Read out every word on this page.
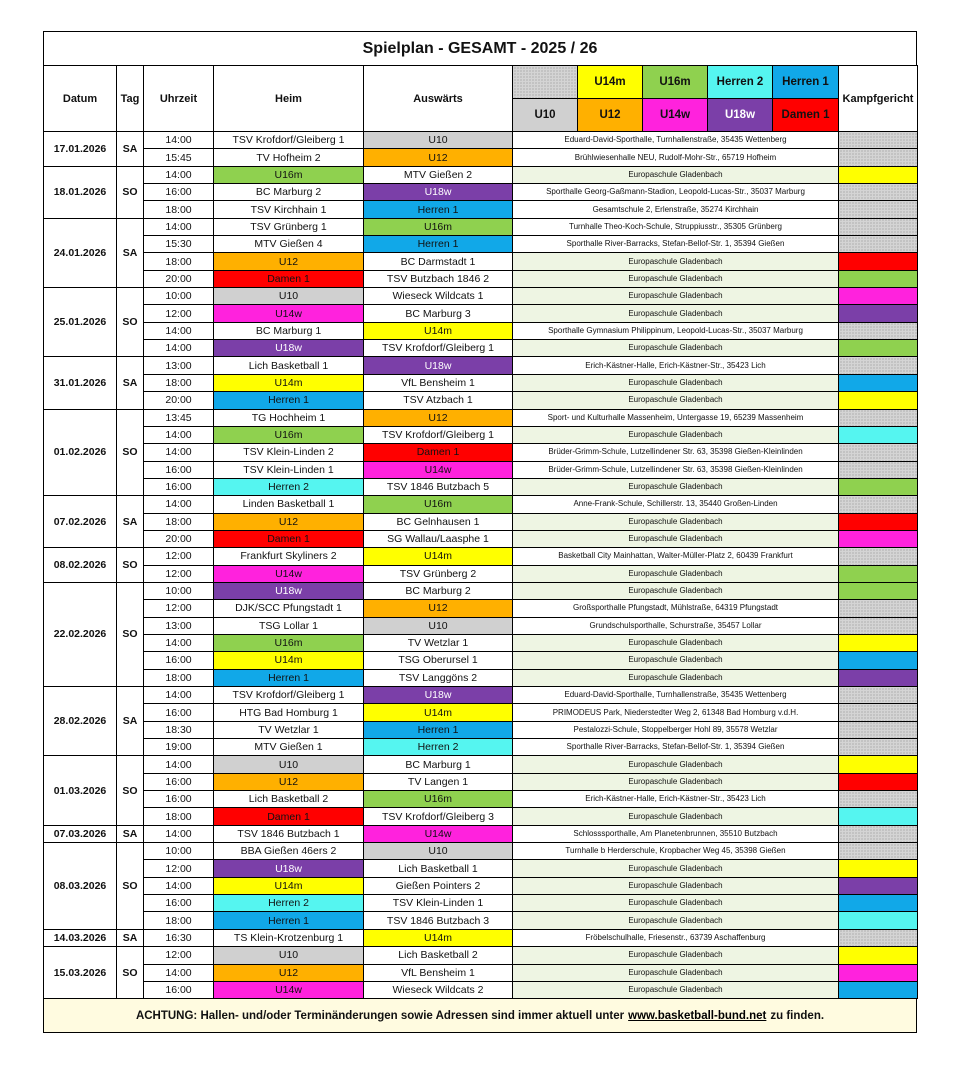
Spielplan - GESAMT - 2025 / 26
Datum	Tag	Uhrzeit	Heim	Auswärts		U14m	U16m	Herren 2	Herren 1	Kampfgericht
					U10	U12	U14w	U18w	Damen 1	
17.01.2026	SA	14:00	TSV Krofdorf/Gleiberg 1	U10	Eduard-David-Sporthalle, Turnhallenstraße, 35435 Wettenberg					
		15:45	TV Hofheim 2	U12	Brühlwiesenhalle NEU, Rudolf-Mohr-Str., 65719 Hofheim					
18.01.2026	SO	14:00	U16m	MTV Gießen 2	Europaschule Gladenbach					
		16:00	BC Marburg 2	U18w	Sporthalle Georg-Gaßmann-Stadion, Leopold-Lucas-Str., 35037 Marburg					
		18:00	TSV Kirchhain 1	Herren 1	Gesamtschule 2, Erlenstraße, 35274 Kirchhain					
24.01.2026	SA	14:00	TSV Grünberg 1	U16m	Turnhalle Theo-Koch-Schule, Struppiusstr., 35305 Grünberg					
		15:30	MTV Gießen 4	Herren 1	Sporthalle River-Barracks, Stefan-Bellof-Str. 1, 35394 Gießen					
		18:00	U12	BC Darmstadt 1	Europaschule Gladenbach					
		20:00	Damen 1	TSV Butzbach 1846 2	Europaschule Gladenbach					
25.01.2026	SO	10:00	U10	Wieseck Wildcats 1	Europaschule Gladenbach					
		12:00	U14w	BC Marburg 3	Europaschule Gladenbach					
		14:00	BC Marburg 1	U14m	Sporthalle Gymnasium Philippinum, Leopold-Lucas-Str., 35037 Marburg					
		14:00	U18w	TSV Krofdorf/Gleiberg 1	Europaschule Gladenbach					
31.01.2026	SA	13:00	Lich Basketball 1	U18w	Erich-Kästner-Halle, Erich-Kästner-Str., 35423 Lich					
		18:00	U14m	VfL Bensheim 1	Europaschule Gladenbach					
		20:00	Herren 1	TSV Atzbach 1	Europaschule Gladenbach					
01.02.2026	SO	13:45	TG Hochheim 1	U12	Sport- und Kulturhalle Massenheim, Untergasse 19, 65239 Massenheim					
		14:00	U16m	TSV Krofdorf/Gleiberg 1	Europaschule Gladenbach					
		14:00	TSV Klein-Linden 2	Damen 1	Brüder-Grimm-Schule, Lutzellindener Str. 63, 35398 Gießen-Kleinlinden					
		16:00	TSV Klein-Linden 1	U14w	Brüder-Grimm-Schule, Lutzellindener Str. 63, 35398 Gießen-Kleinlinden					
		16:00	Herren 2	TSV 1846 Butzbach 5	Europaschule Gladenbach					
07.02.2026	SA	14:00	Linden Basketball 1	U16m	Anne-Frank-Schule, Schillerstr. 13, 35440 Großen-Linden					
		18:00	U12	BC Gelnhausen 1	Europaschule Gladenbach					
		20:00	Damen 1	SG Wallau/Laasphe 1	Europaschule Gladenbach					
08.02.2026	SO	12:00	Frankfurt Skyliners 2	U14m	Basketball City Mainhattan, Walter-Müller-Platz 2, 60439 Frankfurt					
		12:00	U14w	TSV Grünberg 2	Europaschule Gladenbach					
22.02.2026	SO	10:00	U18w	BC Marburg 2	Europaschule Gladenbach					
		12:00	DJK/SCC Pfungstadt 1	U12	Großsporthalle Pfungstadt, Mühlstraße, 64319 Pfungstadt					
		13:00	TSG Lollar 1	U10	Grundschulsporthalle, Schurstraße, 35457 Lollar					
		14:00	U16m	TV Wetzlar 1	Europaschule Gladenbach					
		16:00	U14m	TSG Oberursel 1	Europaschule Gladenbach					
		18:00	Herren 1	TSV Langgöns 2	Europaschule Gladenbach					
28.02.2026	SA	14:00	TSV Krofdorf/Gleiberg 1	U18w	Eduard-David-Sporthalle, Turnhallenstraße, 35435 Wettenberg					
		16:00	HTG Bad Homburg 1	U14m	PRIMODEUS Park, Niederstedter Weg 2, 61348 Bad Homburg v.d.H.					
		18:30	TV Wetzlar 1	Herren 1	Pestalozzi-Schule, Stoppelberger Hohl 89, 35578 Wetzlar					
		19:00	MTV Gießen 1	Herren 2	Sporthalle River-Barracks, Stefan-Bellof-Str. 1, 35394 Gießen					
01.03.2026	SO	14:00	U10	BC Marburg 1	Europaschule Gladenbach					
		16:00	U12	TV Langen 1	Europaschule Gladenbach					
		16:00	Lich Basketball 2	U16m	Erich-Kästner-Halle, Erich-Kästner-Str., 35423 Lich					
		18:00	Damen 1	TSV Krofdorf/Gleiberg 3	Europaschule Gladenbach					
07.03.2026	SA	14:00	TSV 1846 Butzbach 1	U14w	Schlosssporthalle, Am Planetenbrunnen, 35510 Butzbach					
08.03.2026	SO	10:00	BBA Gießen 46ers 2	U10	Turnhalle b Herderschule, Kropbacher Weg 45, 35398 Gießen					
		12:00	U18w	Lich Basketball 1	Europaschule Gladenbach					
		14:00	U14m	Gießen Pointers 2	Europaschule Gladenbach					
		16:00	Herren 2	TSV Klein-Linden 1	Europaschule Gladenbach					
		18:00	Herren 1	TSV 1846 Butzbach 3	Europaschule Gladenbach					
14.03.2026	SA	16:30	TS Klein-Krotzenburg 1	U14m	Fröbelschulhalle, Friesenstr., 63739 Aschaffenburg					
15.03.2026	SO	12:00	U10	Lich Basketball 2	Europaschule Gladenbach					
		14:00	U12	VfL Bensheim 1	Europaschule Gladenbach					
		16:00	U14w	Wieseck Wildcats 2	Europaschule Gladenbach					
ACHTUNG: Hallen- und/oder Terminänderungen sowie Adressen sind immer aktuell unter www.basketball-bund.net zu finden.
